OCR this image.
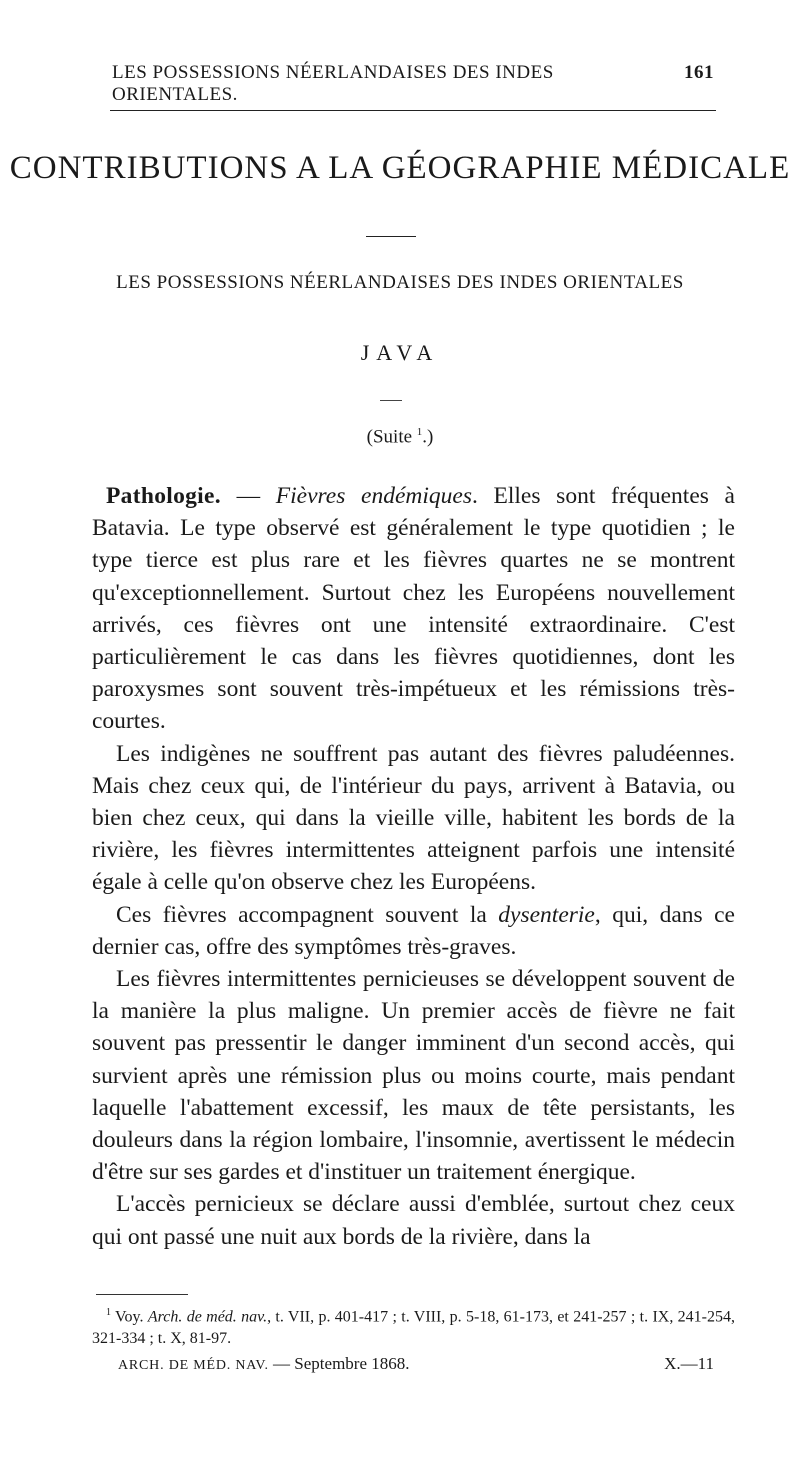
LES POSSESSIONS NÉERLANDAISES DES INDES ORIENTALES.
161
CONTRIBUTIONS A LA GÉOGRAPHIE MÉDICALE
LES POSSESSIONS NÉERLANDAISES DES INDES ORIENTALES
JAVA
(Suite $^1$.)

Pathologie. — Fièvres endémiques. Elles sont fréquentes à Batavia. Le type observé est généralement le type quotidien ; le type tierce est plus rare et les fièvres quartes ne se montrent qu'exceptionnellement. Surtout chez les Européens nouvellement arrivés, ces fièvres ont une intensité extraordinaire. C'est particulièrement le cas dans les fièvres quotidiennes, dont les paroxysmes sont souvent très-impétueux et les rémissions très-courtes.

Les indigènes ne souffrent pas autant des fièvres paludéennes. Mais chez ceux qui, de l'intérieur du pays, arrivent à Batavia, ou bien chez ceux, qui dans la vieille ville, habitent les bords de la rivière, les fièvres intermittentes atteignent parfois une intensité égale à celle qu'on observe chez les Européens.

Ces fièvres accompagnent souvent la dysenterie, qui, dans ce dernier cas, offre des symptômes très-graves.

Les fièvres intermittentes pernicieuses se développent souvent de la manière la plus maligne. Un premier accès de fièvre ne fait souvent pas pressentir le danger imminent d'un second accès, qui survient après une rémission plus ou moins courte, mais pendant laquelle l'abattement excessif, les maux de tête persistants, les douleurs dans la région lombaire, l'insomnie, avertissent le médecin d'être sur ses gardes et d'instituer un traitement énergique.

L'accès pernicieux se déclare aussi d'emblée, surtout chez ceux qui ont passé une nuit aux bords de la rivière, dans la

$^1$ Voy. Arch. de méd. nav., t. VII, p. 401-417 ; t. VIII, p. 5-18, 61-173, et 241-257 ; t. IX, 241-254, 321-334 ; t. X, 81-97.
ARCH. DE MÉD. NAV. — Septembre 1868.	X.—11
